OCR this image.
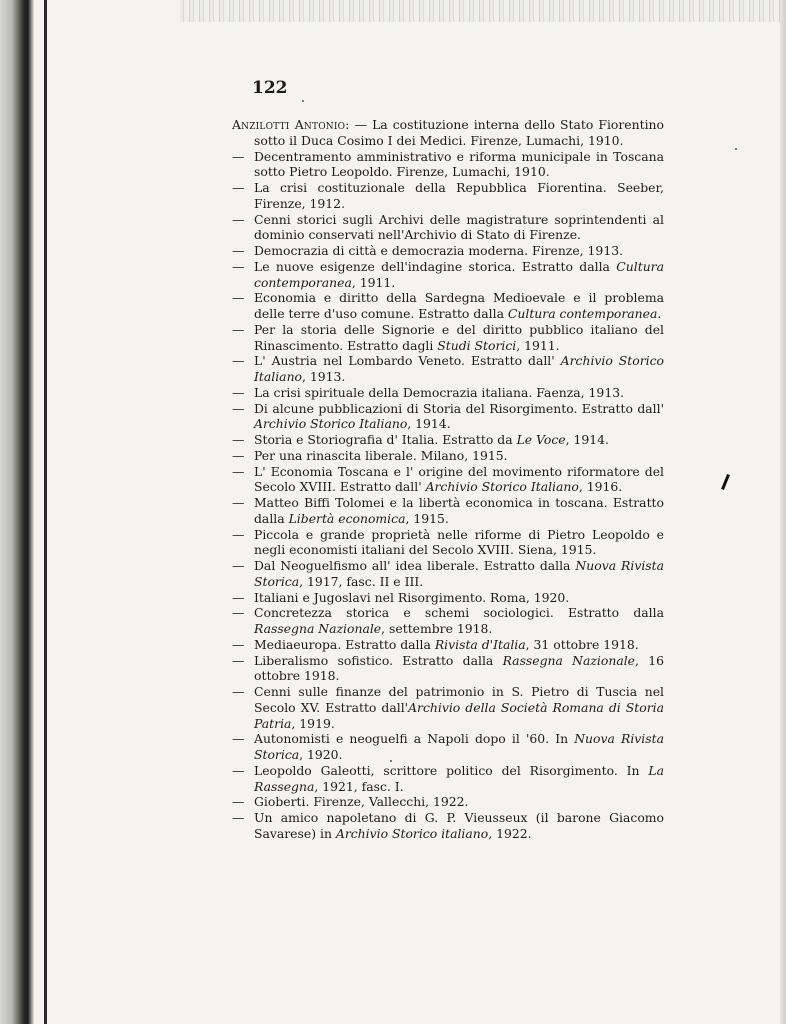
122
Anzilotti Antonio: — La costituzione interna dello Stato Fiorentino sotto il Duca Cosimo I dei Medici. Firenze, Lumachi, 1910.
— Decentramento amministrativo e riforma municipale in Toscana sotto Pietro Leopoldo. Firenze, Lumachi, 1910.
— La crisi costituzionale della Repubblica Fiorentina. Seeber, Firenze, 1912.
— Cenni storici sugli Archivi delle magistrature soprintendenti al dominio conservati nell'Archivio di Stato di Firenze.
— Democrazia di città e democrazia moderna. Firenze, 1913.
— Le nuove esigenze dell'indagine storica. Estratto dalla Cultura contemporanea, 1911.
— Economia e diritto della Sardegna Medioevale e il problema delle terre d'uso comune. Estratto dalla Cultura contemporanea.
— Per la storia delle Signorie e del diritto pubblico italiano del Rinascimento. Estratto dagli Studi Storici, 1911.
— L' Austria nel Lombardo Veneto. Estratto dall' Archivio Storico Italiano, 1913.
— La crisi spirituale della Democrazia italiana. Faenza, 1913.
— Di alcune pubblicazioni di Storia del Risorgimento. Estratto dall' Archivio Storico Italiano, 1914.
— Storia e Storiografia d' Italia. Estratto da Le Voce, 1914.
— Per una rinascita liberale. Milano, 1915.
— L' Economia Toscana e l' origine del movimento riformatore del Secolo XVIII. Estratto dall' Archivio Storico Italiano, 1916.
— Matteo Biffi Tolomei e la libertà economica in toscana. Estratto dalla Libertà economica, 1915.
— Piccola e grande proprietà nelle riforme di Pietro Leopoldo e negli economisti italiani del Secolo XVIII. Siena, 1915.
— Dal Neoguelfismo all' idea liberale. Estratto dalla Nuova Rivista Storica, 1917, fasc. II e III.
— Italiani e Jugoslavi nel Risorgimento. Roma, 1920.
— Concretezza storica e schemi sociologici. Estratto dalla Rassegna Nazionale, settembre 1918.
— Mediaeuropa. Estratto dalla Rivista d'Italia, 31 ottobre 1918.
— Liberalismo sofistico. Estratto dalla Rassegna Nazionale, 16 ottobre 1918.
— Cenni sulle finanze del patrimonio in S. Pietro di Tuscia nel Secolo XV. Estratto dall'Archivio della Società Romana di Storia Patria, 1919.
— Autonomisti e neoguelfi a Napoli dopo il '60. In Nuova Rivista Storica, 1920.
— Leopoldo Galeotti, scrittore politico del Risorgimento. In La Rassegna, 1921, fasc. I.
— Gioberti. Firenze, Vallecchi, 1922.
— Un amico napoletano di G. P. Vieusseux (il barone Giacomo Savarese) in Archivio Storico italiano, 1922.
